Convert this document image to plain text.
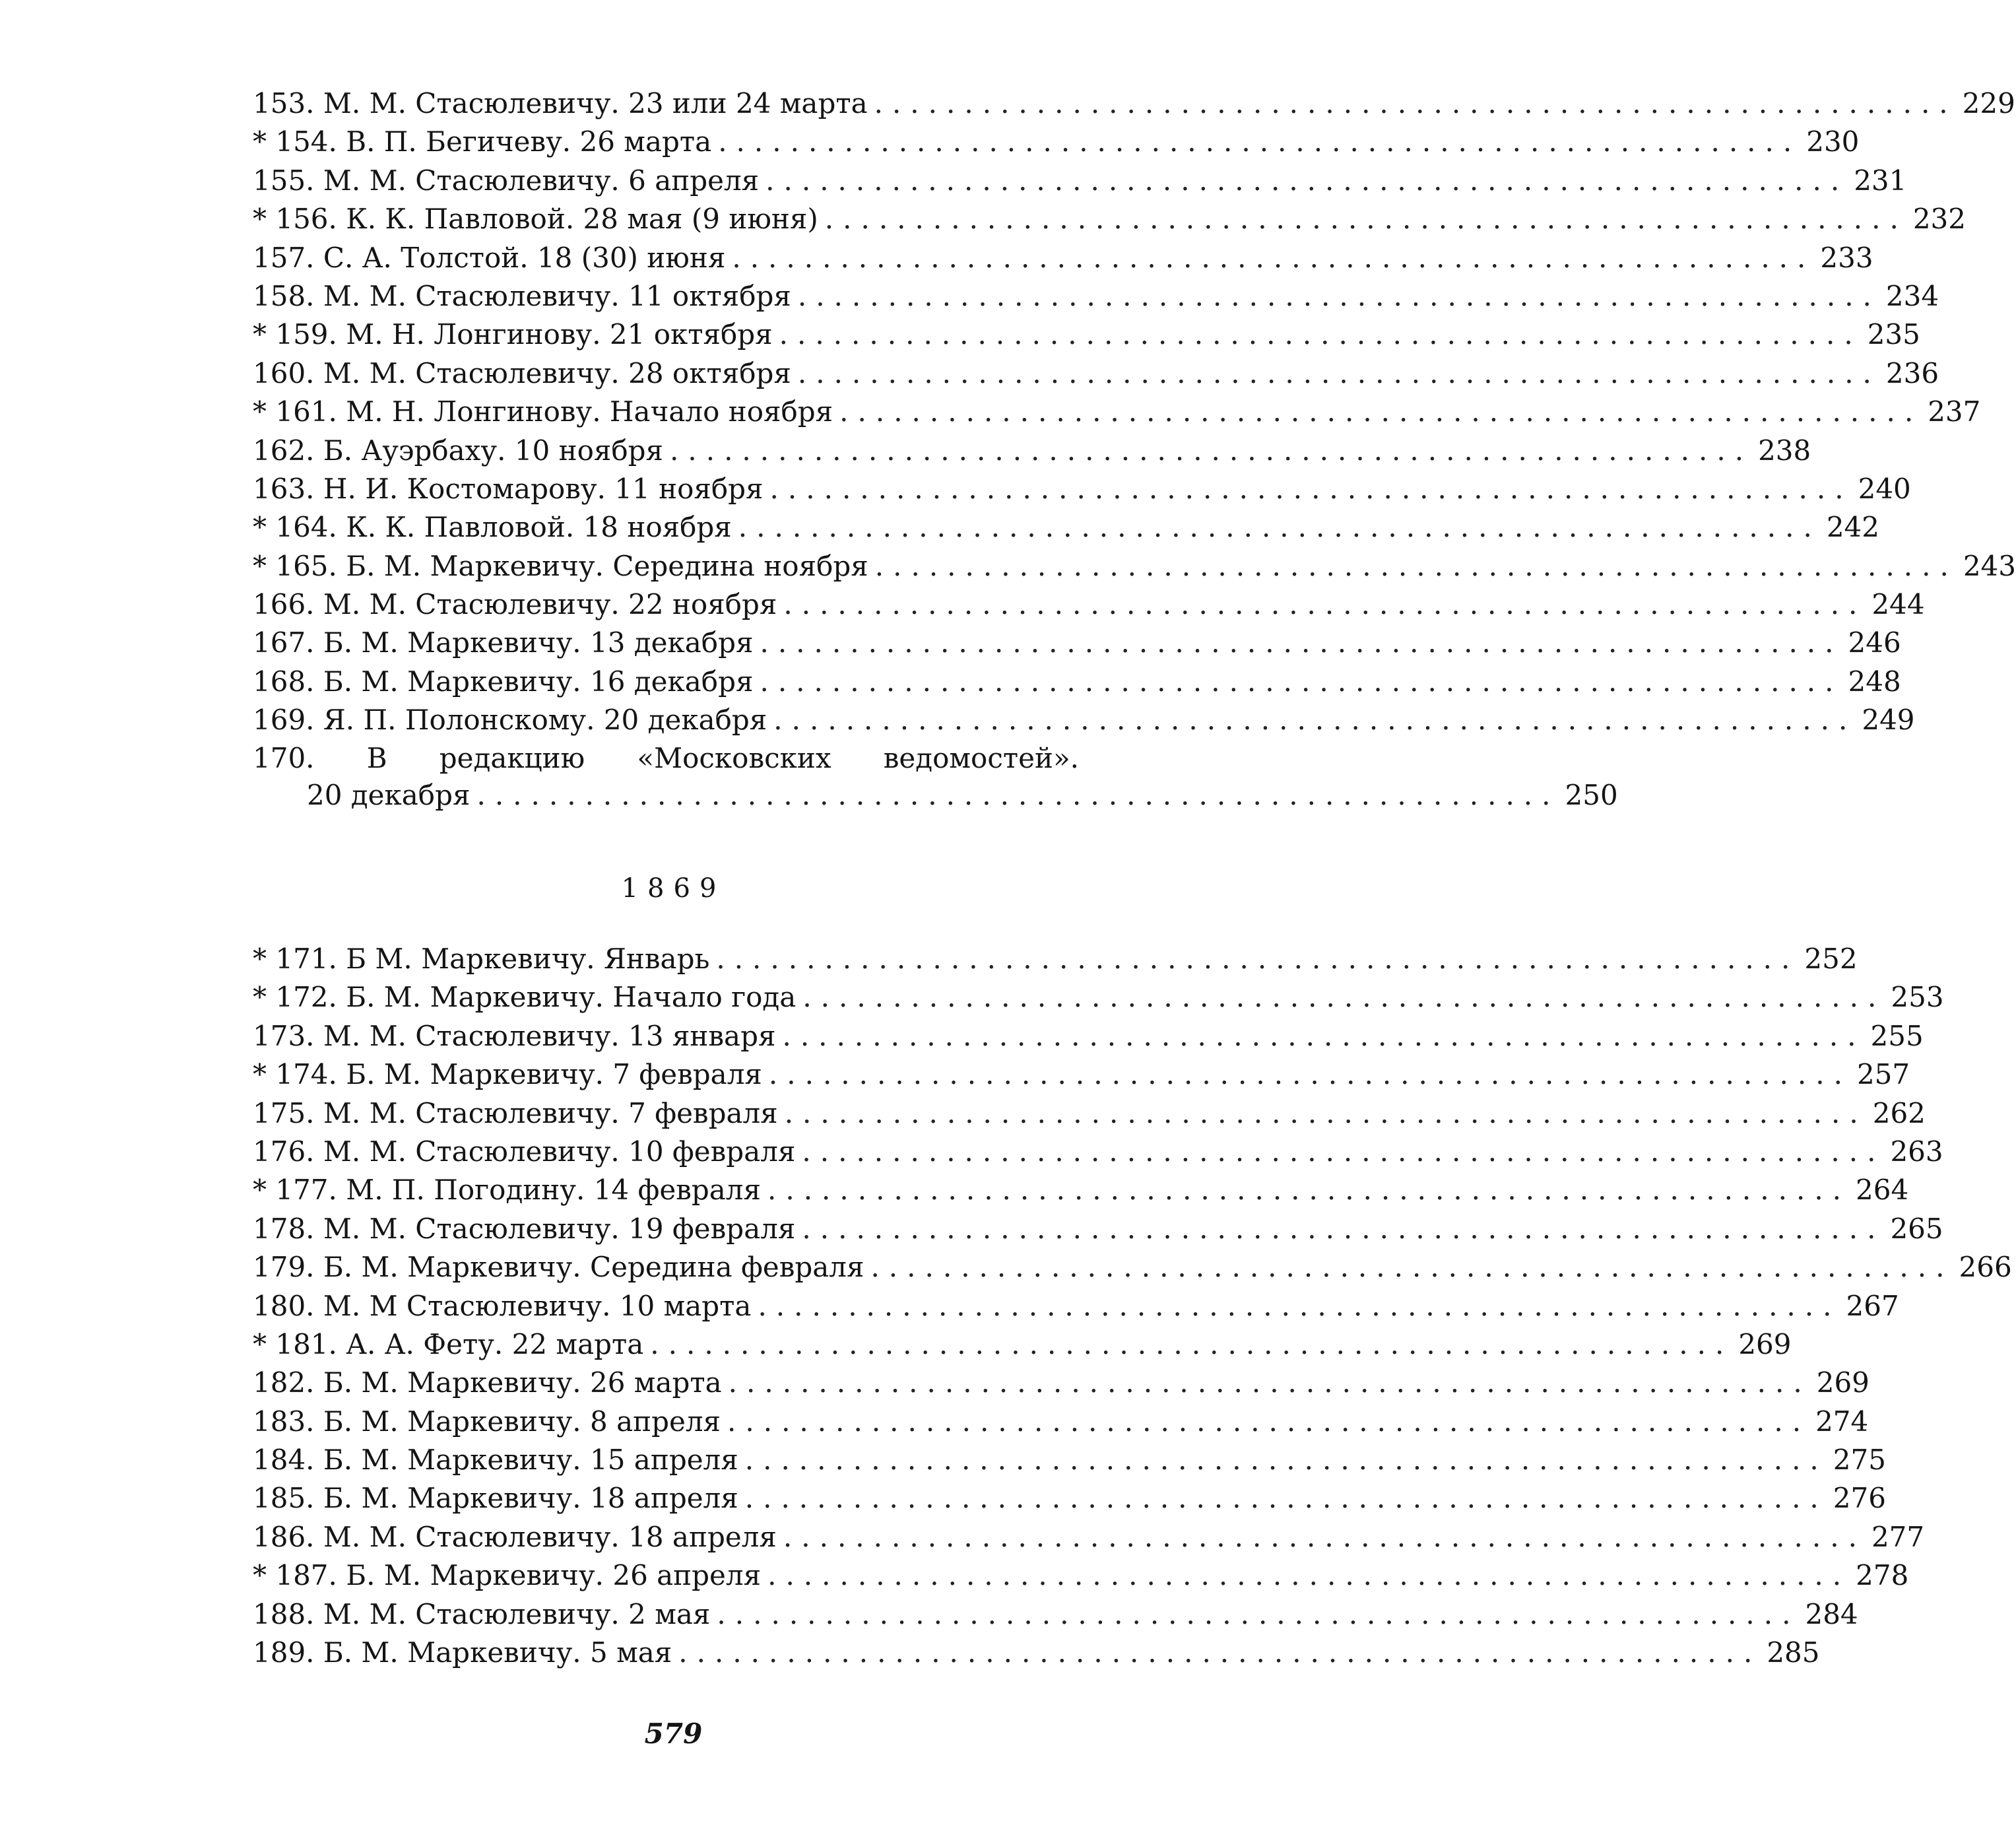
153. М. М. Стасюлевичу. 23 или 24 марта ............................................................ 229
* 154. В. П. Бегичеву. 26 марта ............................................................ 230
155. М. М. Стасюлевичу. 6 апреля ............................................................ 231
* 156. К. К. Павловой. 28 мая (9 июня) ............................................................ 232
157. С. А. Толстой. 18 (30) июня ............................................................ 233
158. М. М. Стасюлевичу. 11 октября ............................................................ 234
* 159. М. Н. Лонгинову. 21 октября ............................................................ 235
160. М. М. Стасюлевичу. 28 октября ............................................................ 236
* 161. М. Н. Лонгинову. Начало ноября ............................................................ 237
162. Б. Ауэрбаху. 10 ноября ............................................................ 238
163. Н. И. Костомарову. 11 ноября ............................................................ 240
* 164. К. К. Павловой. 18 ноября ............................................................ 242
* 165. Б. М. Маркевичу. Середина ноября ............................................................ 243
166. М. М. Стасюлевичу. 22 ноября ............................................................ 244
167. Б. М. Маркевичу. 13 декабря ............................................................ 246
168. Б. М. Маркевичу. 16 декабря ............................................................ 248
169. Я. П. Полонскому. 20 декабря ............................................................ 249
170. В редакцию «Московских ведомостей».
20 декабря ............................................................ 250
1869
* 171. Б М. Маркевичу. Январь ............................................................ 252
* 172. Б. М. Маркевичу. Начало года ............................................................ 253
173. М. М. Стасюлевичу. 13 января ............................................................ 255
* 174. Б. М. Маркевичу. 7 февраля ............................................................ 257
175. М. М. Стасюлевичу. 7 февраля ............................................................ 262
176. М. М. Стасюлевичу. 10 февраля ............................................................ 263
* 177. М. П. Погодину. 14 февраля ............................................................ 264
178. М. М. Стасюлевичу. 19 февраля ............................................................ 265
179. Б. М. Маркевичу. Середина февраля ............................................................ 266
180. М. М Стасюлевичу. 10 марта ............................................................ 267
* 181. А. А. Фету. 22 марта ............................................................ 269
182. Б. М. Маркевичу. 26 марта ............................................................ 269
183. Б. М. Маркевичу. 8 апреля ............................................................ 274
184. Б. М. Маркевичу. 15 апреля ............................................................ 275
185. Б. М. Маркевичу. 18 апреля ............................................................ 276
186. М. М. Стасюлевичу. 18 апреля ............................................................ 277
* 187. Б. М. Маркевичу. 26 апреля ............................................................ 278
188. М. М. Стасюлевичу. 2 мая ............................................................ 284
189. Б. М. Маркевичу. 5 мая ............................................................ 285
579
